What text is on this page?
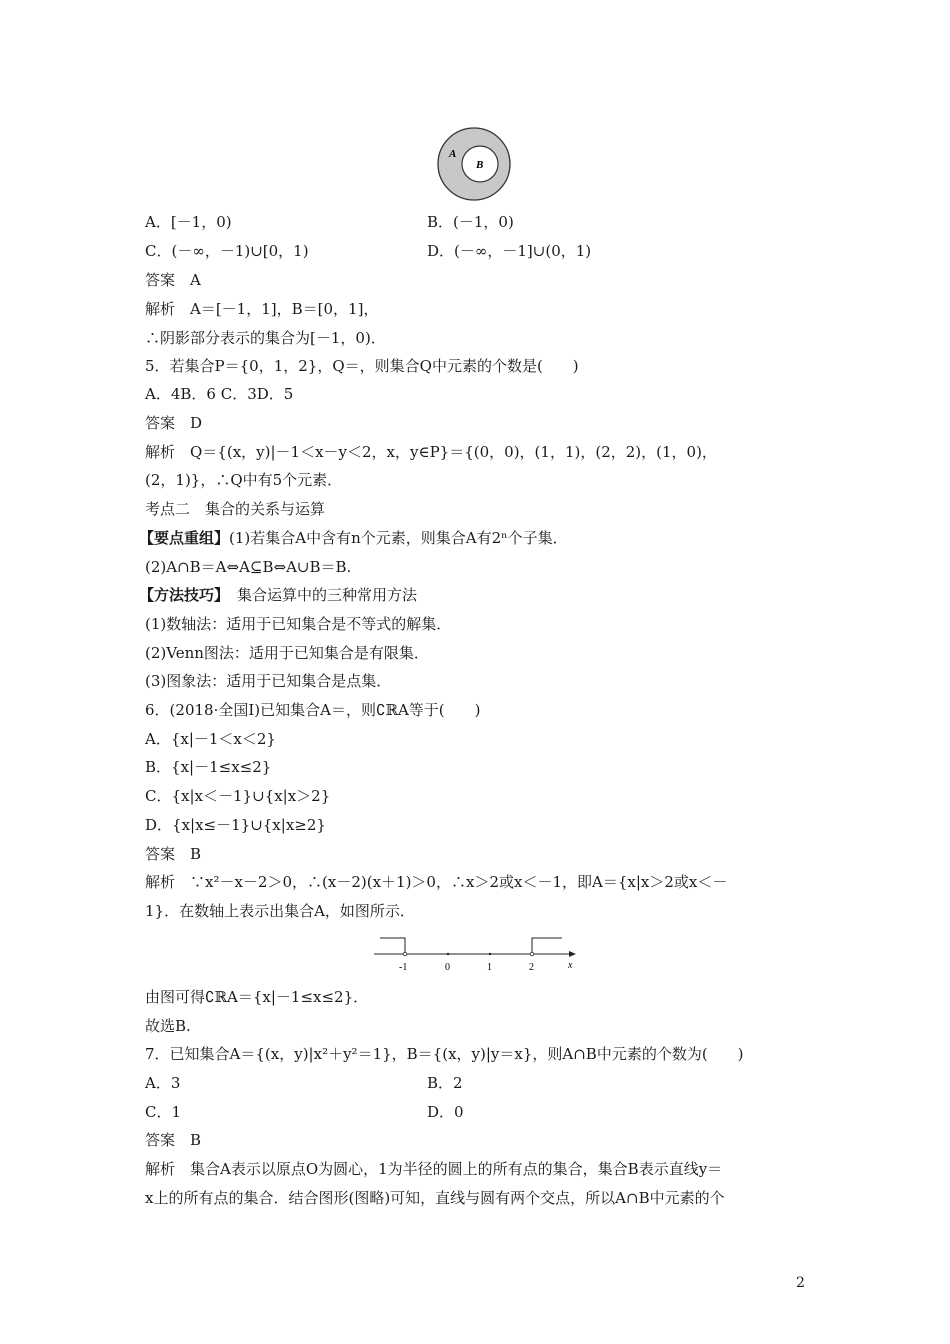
A
B
A．[－1，0)	B．(－1，0)
C．(－∞，－1)∪[0，1)	D．(－∞，－1]∪(0，1)
答案　A
解析　A＝[－1，1]，B＝[0，1]，
∴阴影部分表示的集合为[－1，0)．
5．若集合P＝{0，1，2}，Q＝，则集合Q中元素的个数是(　　)
A．4B．6 C．3D．5
答案　D
解析　Q＝{(x，y)|－1＜x－y＜2，x，y∈P}＝{(0，0)，(1，1)，(2，2)，(1，0)，
(2，1)}，∴Q中有5个元素．
考点二　集合的关系与运算
【要点重组】(1)若集合A中含有n个元素，则集合A有2ⁿ个子集．
(2)A∩B＝A⇔A⊆B⇔A∪B＝B.
【方法技巧】 集合运算中的三种常用方法
(1)数轴法：适用于已知集合是不等式的解集．
(2)Venn图法：适用于已知集合是有限集．
(3)图象法：适用于已知集合是点集．
6．(2018·全国Ⅰ)已知集合A＝，则∁ℝA等于(　　)
A．{x|－1＜x＜2}
B．{x|－1≤x≤2}
C．{x|x＜－1}∪{x|x＞2}
D．{x|x≤－1}∪{x|x≥2}
答案　B
解析　∵x²－x－2＞0，∴(x－2)(x＋1)＞0，∴x＞2或x＜－1，即A＝{x|x＞2或x＜－
1}．在数轴上表示出集合A，如图所示．
-1	0	1	2	x
由图可得∁ℝA＝{x|－1≤x≤2}．
故选B.
7．已知集合A＝{(x，y)|x²＋y²＝1}，B＝{(x，y)|y＝x}，则A∩B中元素的个数为(　　)
A．3	B．2
C．1	D．0
答案　B
解析　集合A表示以原点O为圆心，1为半径的圆上的所有点的集合，集合B表示直线y＝
x上的所有点的集合．结合图形(图略)可知，直线与圆有两个交点，所以A∩B中元素的个
2
